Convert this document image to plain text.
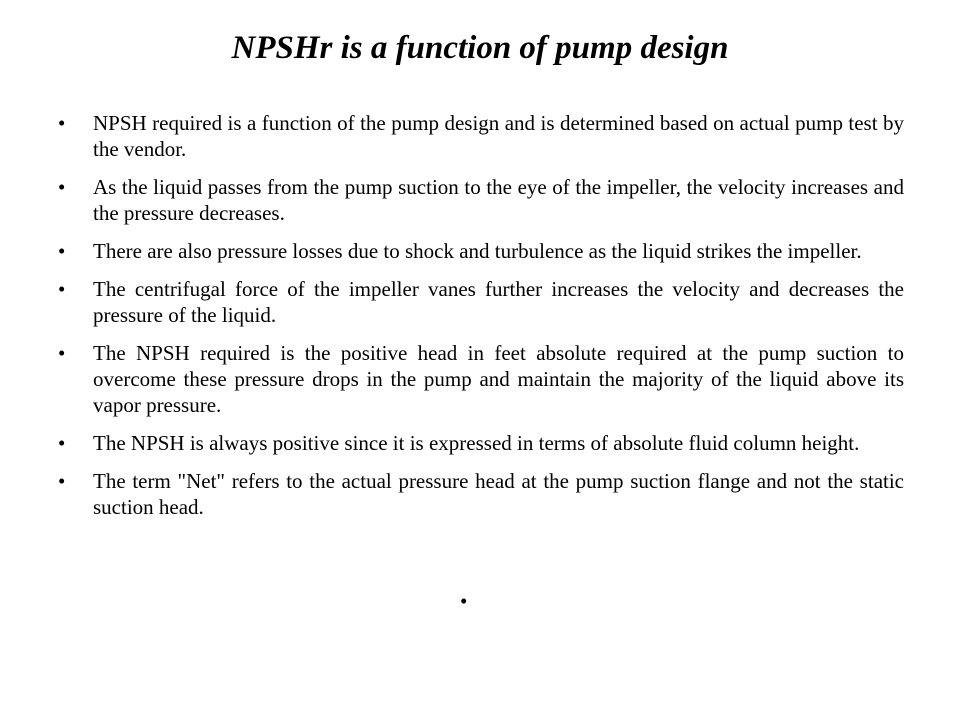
NPSHr is a function of pump design
•	NPSH required is a function of the pump design and is determined based on actual pump test by the vendor.
•	As the liquid passes from the pump suction to the eye of the impeller, the velocity increases and the pressure decreases.
•	There are also pressure losses due to shock and turbulence as the liquid strikes the impeller.
•	The centrifugal force of the impeller vanes further increases the velocity and decreases the pressure of the liquid.
•	The NPSH required is the positive head in feet absolute required at the pump suction to overcome these pressure drops in the pump and maintain the majority of the liquid above its vapor pressure.
•	The NPSH is always positive since it is expressed in terms of absolute fluid column height.
•	The term "Net" refers to the actual pressure head at the pump suction flange and not the static suction head.
•
